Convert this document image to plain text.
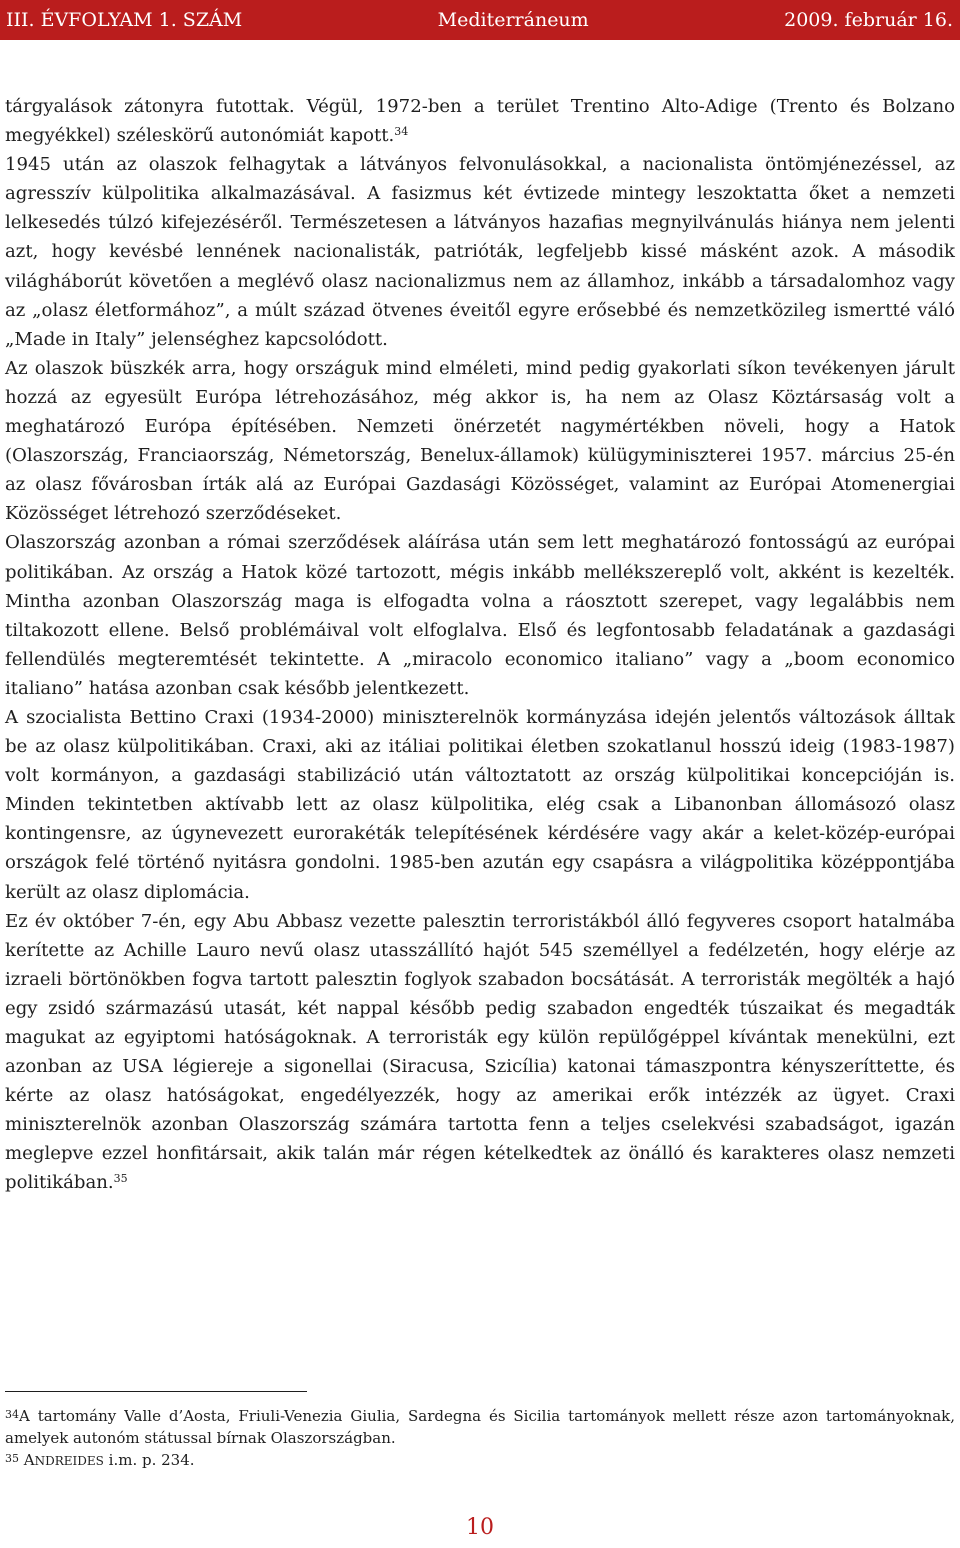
III. ÉVFOLYAM 1. SZÁM	Mediterráneum	2009. február 16.

tárgyalások zátonyra futottak. Végül, 1972-ben a terület Trentino Alto-Adige (Trento és Bolzano megyékkel) széleskörű autonómiát kapott.$^{34}$

1945 után az olaszok felhagytak a látványos felvonulásokkal, a nacionalista öntömjénezéssel, az agresszív külpolitika alkalmazásával. A fasizmus két évtizede mintegy leszoktatta őket a nemzeti lelkesedés túlzó kifejezéséről. Természetesen a látványos hazafias megnyilvánulás hiánya nem jelenti azt, hogy kevésbé lennének nacionalisták, patrióták, legfeljebb kissé másként azok. A második világháborút követően a meglévő olasz nacionalizmus nem az államhoz, inkább a társadalomhoz vagy az „olasz életformához”, a múlt század ötvenes éveitől egyre erősebbé és nemzetközileg ismertté váló „Made in Italy” jelenséghez kapcsolódott.

Az olaszok büszkék arra, hogy országuk mind elméleti, mind pedig gyakorlati síkon tevékenyen járult hozzá az egyesült Európa létrehozásához, még akkor is, ha nem az Olasz Köztársaság volt a meghatározó Európa építésében. Nemzeti önérzetét nagymértékben növeli, hogy a Hatok (Olaszország, Franciaország, Németország, Benelux-államok) külügyminiszterei 1957. március 25-én az olasz fővárosban írták alá az Európai Gazdasági Közösséget, valamint az Európai Atomenergiai Közösséget létrehozó szerződéseket.

Olaszország azonban a római szerződések aláírása után sem lett meghatározó fontosságú az európai politikában. Az ország a Hatok közé tartozott, mégis inkább mellékszereplő volt, akként is kezelték. Mintha azonban Olaszország maga is elfogadta volna a ráosztott szerepet, vagy legalábbis nem tiltakozott ellene. Belső problémáival volt elfoglalva. Első és legfontosabb feladatának a gazdasági fellendülés megteremtését tekintette. A „miracolo economico italiano” vagy a „boom economico italiano” hatása azonban csak később jelentkezett.

A szocialista Bettino Craxi (1934-2000) miniszterelnök kormányzása idején jelentős változások álltak be az olasz külpolitikában. Craxi, aki az itáliai politikai életben szokatlanul hosszú ideig (1983-1987) volt kormányon, a gazdasági stabilizáció után változtatott az ország külpolitikai koncepcióján is. Minden tekintetben aktívabb lett az olasz külpolitika, elég csak a Libanonban állomásozó olasz kontingensre, az úgynevezett eurorakéták telepítésének kérdésére vagy akár a kelet-közép-európai országok felé történő nyitásra gondolni. 1985-ben azután egy csapásra a világpolitika középpontjába került az olasz diplomácia.

Ez év október 7-én, egy Abu Abbasz vezette palesztin terroristákból álló fegyveres csoport hatalmába kerítette az Achille Lauro nevű olasz utasszállító hajót 545 személlyel a fedélzetén, hogy elérje az izraeli börtönökben fogva tartott palesztin foglyok szabadon bocsátását. A terroristák megölték a hajó egy zsidó származású utasát, két nappal később pedig szabadon engedték túszaikat és megadták magukat az egyiptomi hatóságoknak. A terroristák egy külön repülőgéppel kívántak menekülni, ezt azonban az USA légiereje a sigonellai (Siracusa, Szicília) katonai támaszpontra kényszeríttette, és kérte az olasz hatóságokat, engedélyezzék, hogy az amerikai erők intézzék az ügyet. Craxi miniszterelnök azonban Olaszország számára tartotta fenn a teljes cselekvési szabadságot, igazán meglepve ezzel honfitársait, akik talán már régen kételkedtek az önálló és karakteres olasz nemzeti politikában.$^{35}$

$^{34}$A tartomány Valle d’Aosta, Friuli-Venezia Giulia, Sardegna és Sicilia tartományok mellett része azon tartományoknak, amelyek autonóm státussal bírnak Olaszországban.

$^{35}$ ANDREIDES i.m. p. 234.

10
